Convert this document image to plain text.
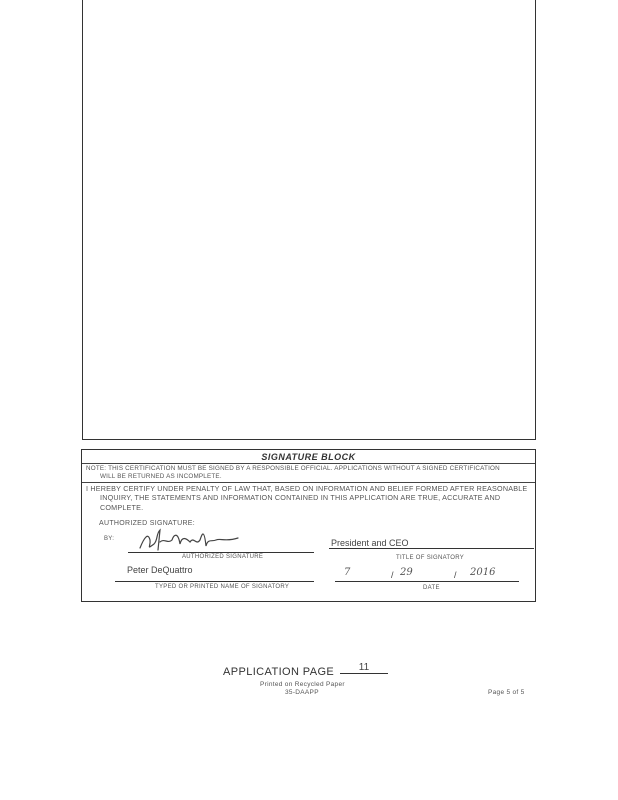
SIGNATURE BLOCK
NOTE: THIS CERTIFICATION MUST BE SIGNED BY A RESPONSIBLE OFFICIAL. APPLICATIONS WITHOUT A SIGNED CERTIFICATION
WILL BE RETURNED AS INCOMPLETE.
I HEREBY CERTIFY UNDER PENALTY OF LAW THAT, BASED ON INFORMATION AND BELIEF FORMED AFTER REASONABLE
INQUIRY, THE STATEMENTS AND INFORMATION CONTAINED IN THIS APPLICATION ARE TRUE, ACCURATE AND
COMPLETE.
AUTHORIZED SIGNATURE:
BY:
AUTHORIZED SIGNATURE
President and CEO
TITLE OF SIGNATORY
Peter DeQuattro
TYPED OR PRINTED NAME OF SIGNATORY
7	/ 29	/ 2016
DATE
APPLICATION PAGE	11
Printed on Recycled Paper
35-DAAPP	Page 5 of 5
